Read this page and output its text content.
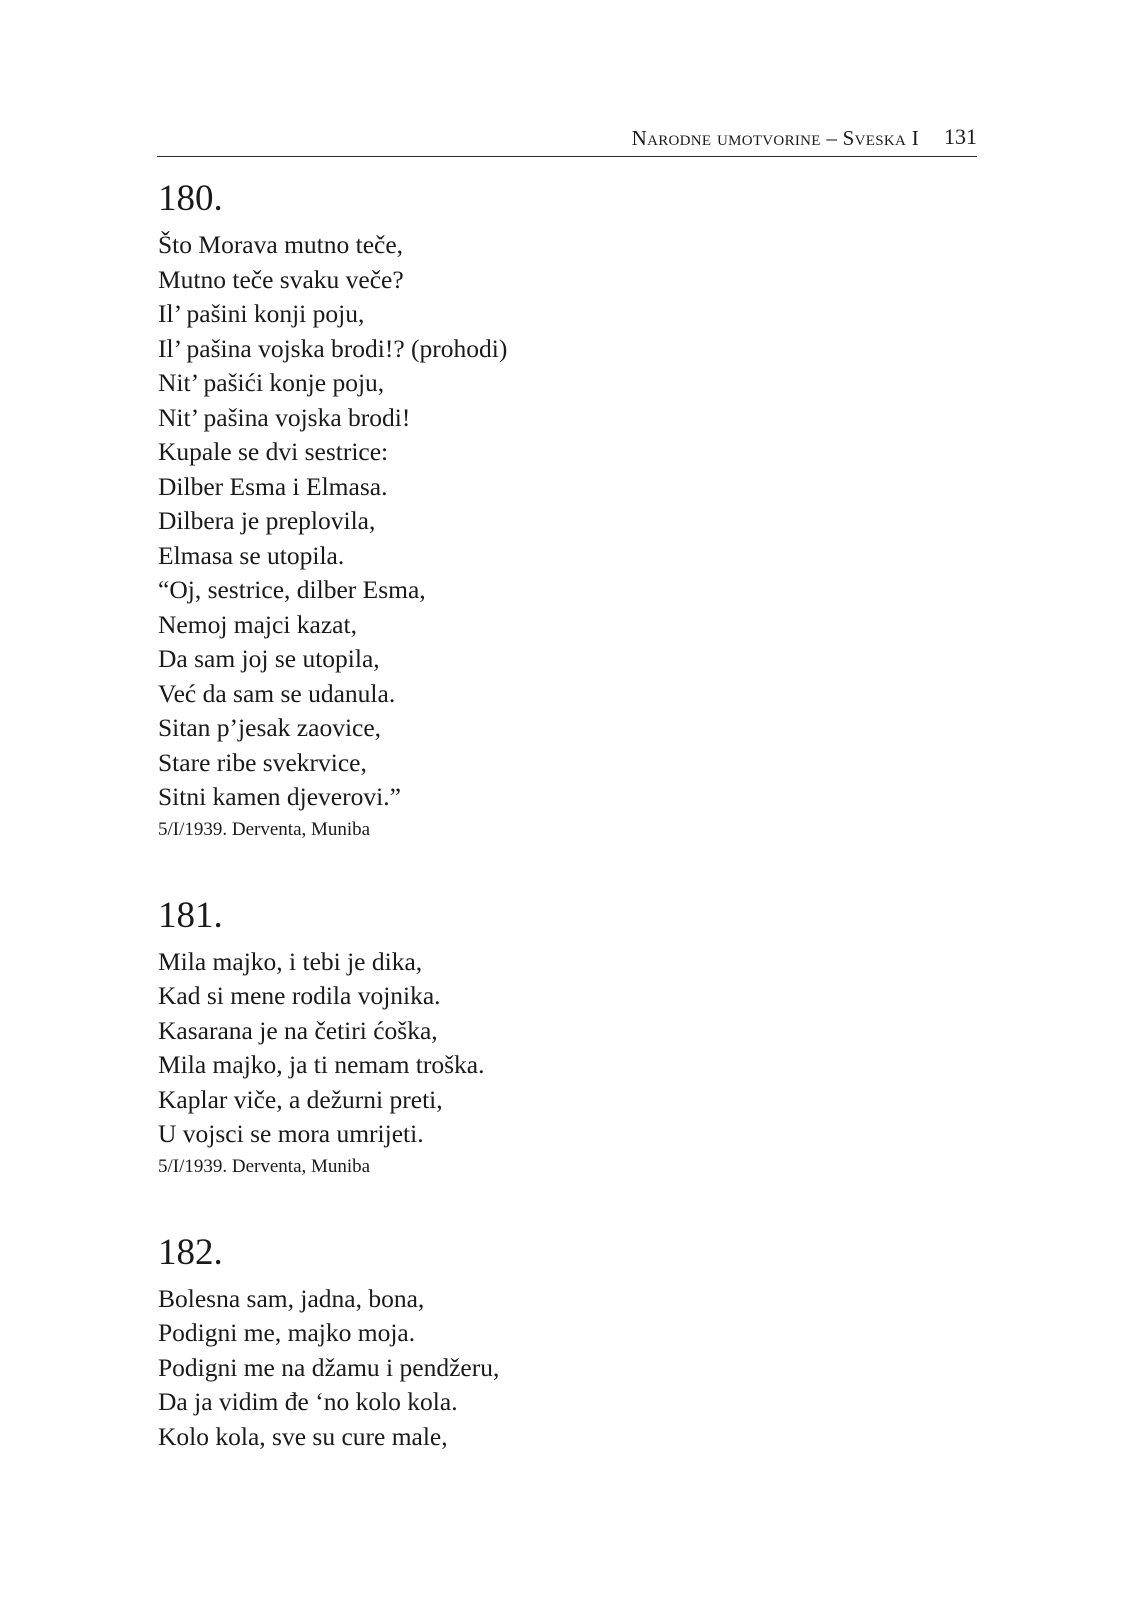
Narodne umotvorine – Sveska I 131
180.
Što Morava mutno teče,
Mutno teče svaku veče?
Il’ pašini konji poju,
Il’ pašina vojska brodi!? (prohodi)
Nit’ pašići konje poju,
Nit’ pašina vojska brodi!
Kupale se dvi sestrice:
Dilber Esma i Elmasa.
Dilbera je preplovila,
Elmasa se utopila.
“Oj, sestrice, dilber Esma,
Nemoj majci kazat,
Da sam joj se utopila,
Već da sam se udanula.
Sitan p’jesak zaovice,
Stare ribe svekrvice,
Sitni kamen djeverovi.”
5/I/1939. Derventa, Muniba
181.
Mila majko, i tebi je dika,
Kad si mene rodila vojnika.
Kasarana je na četiri ćoška,
Mila majko, ja ti nemam troška.
Kaplar viče, a dežurni preti,
U vojsci se mora umrijeti.
5/I/1939. Derventa, Muniba
182.
Bolesna sam, jadna, bona,
Podigni me, majko moja.
Podigni me na džamu i pendžeru,
Da ja vidim đe ‘no kolo kola.
Kolo kola, sve su cure male,
